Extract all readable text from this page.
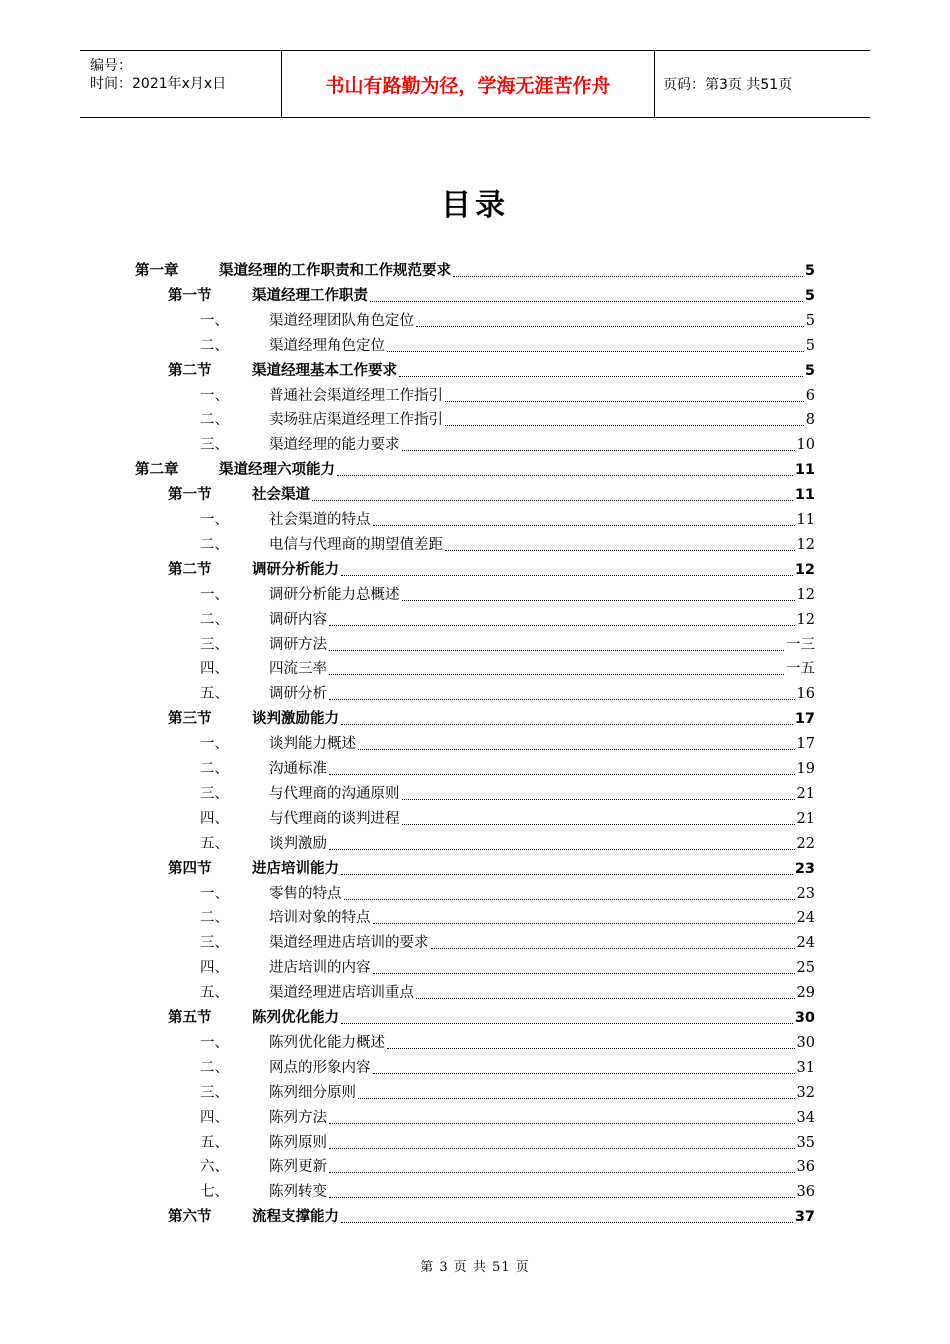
编号：
时间：2021年x月x日	书山有路勤为径，学海无涯苦作舟	页码：第3页 共51页
目录
第一章	渠道经理的工作职责和工作规范要求	5
第一节	渠道经理工作职责	5
一、	渠道经理团队角色定位	5
二、	渠道经理角色定位	5
第二节	渠道经理基本工作要求	5
一、	普通社会渠道经理工作指引	6
二、	卖场驻店渠道经理工作指引	8
三、	渠道经理的能力要求	10
第二章	渠道经理六项能力	11
第一节	社会渠道	11
一、	社会渠道的特点	11
二、	电信与代理商的期望值差距	12
第二节	调研分析能力	12
一、	调研分析能力总概述	12
二、	调研内容	12
三、	调研方法	一三
四、	四流三率	一五
五、	调研分析	16
第三节	谈判激励能力	17
一、	谈判能力概述	17
二、	沟通标准	19
三、	与代理商的沟通原则	21
四、	与代理商的谈判进程	21
五、	谈判激励	22
第四节	进店培训能力	23
一、	零售的特点	23
二、	培训对象的特点	24
三、	渠道经理进店培训的要求	24
四、	进店培训的内容	25
五、	渠道经理进店培训重点	29
第五节	陈列优化能力	30
一、	陈列优化能力概述	30
二、	网点的形象内容	31
三、	陈列细分原则	32
四、	陈列方法	34
五、	陈列原则	35
六、	陈列更新	36
七、	陈列转变	36
第六节	流程支撑能力	37
第 3 页 共 51 页
